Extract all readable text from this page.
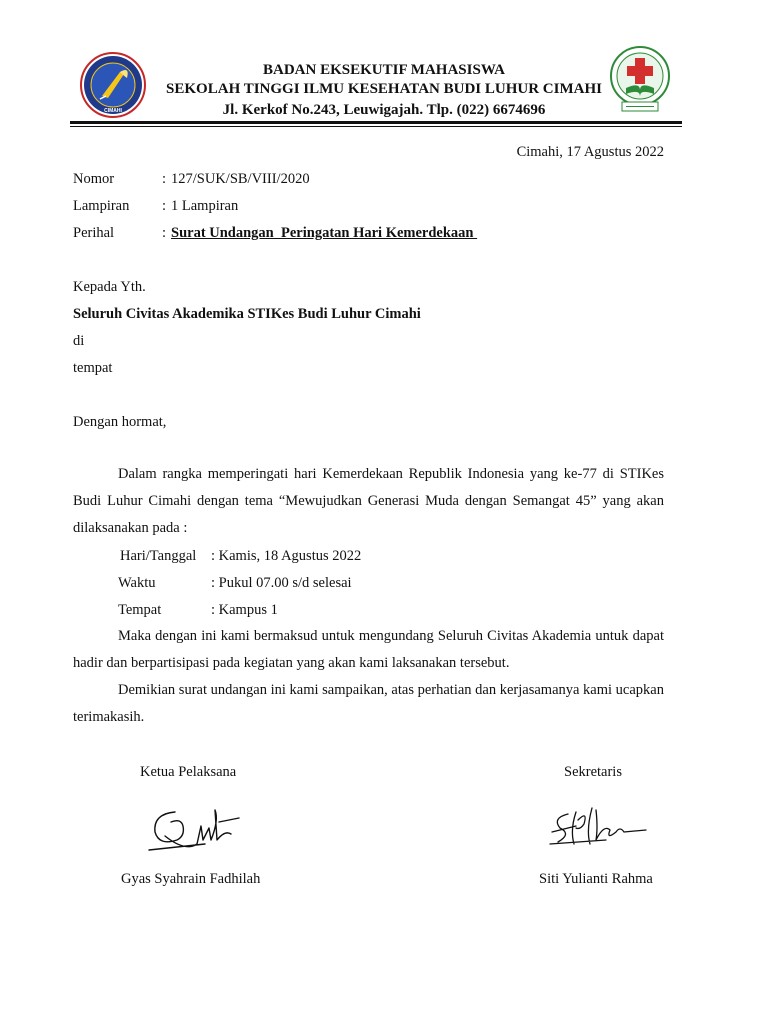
CIMAHI
BADAN EKSEKUTIF MAHASISWA
SEKOLAH TINGGI ILMU KESEHATAN BUDI LUHUR CIMAHI
Jl. Kerkof No.243, Leuwigajah. Tlp. (022) 6674696
Cimahi, 17 Agustus 2022
Nomor	: 127/SUK/SB/VIII/2020
Lampiran : 1 Lampiran
Perihal	: Surat Undangan  Peringatan Hari Kemerdekaan
Kepada Yth.
Seluruh Civitas Akademika STIKes Budi Luhur Cimahi
di
tempat
Dengan hormat,
Dalam rangka memperingati hari Kemerdekaan Republik Indonesia yang ke-77 di STIKes Budi Luhur Cimahi dengan tema “Mewujudkan Generasi Muda dengan Semangat 45” yang akan dilaksanakan pada :
Hari/Tanggal : Kamis, 18 Agustus 2022
Waktu	: Pukul 07.00 s/d selesai
Tempat	: Kampus 1
Maka dengan ini kami bermaksud untuk mengundang Seluruh Civitas Akademia untuk dapat hadir dan berpartisipasi pada kegiatan yang akan kami laksanakan tersebut.
Demikian surat undangan ini kami sampaikan, atas perhatian dan kerjasamanya kami ucapkan terimakasih.
Ketua Pelaksana	Sekretaris
Gyas Syahrain Fadhilah	Siti Yulianti Rahma
